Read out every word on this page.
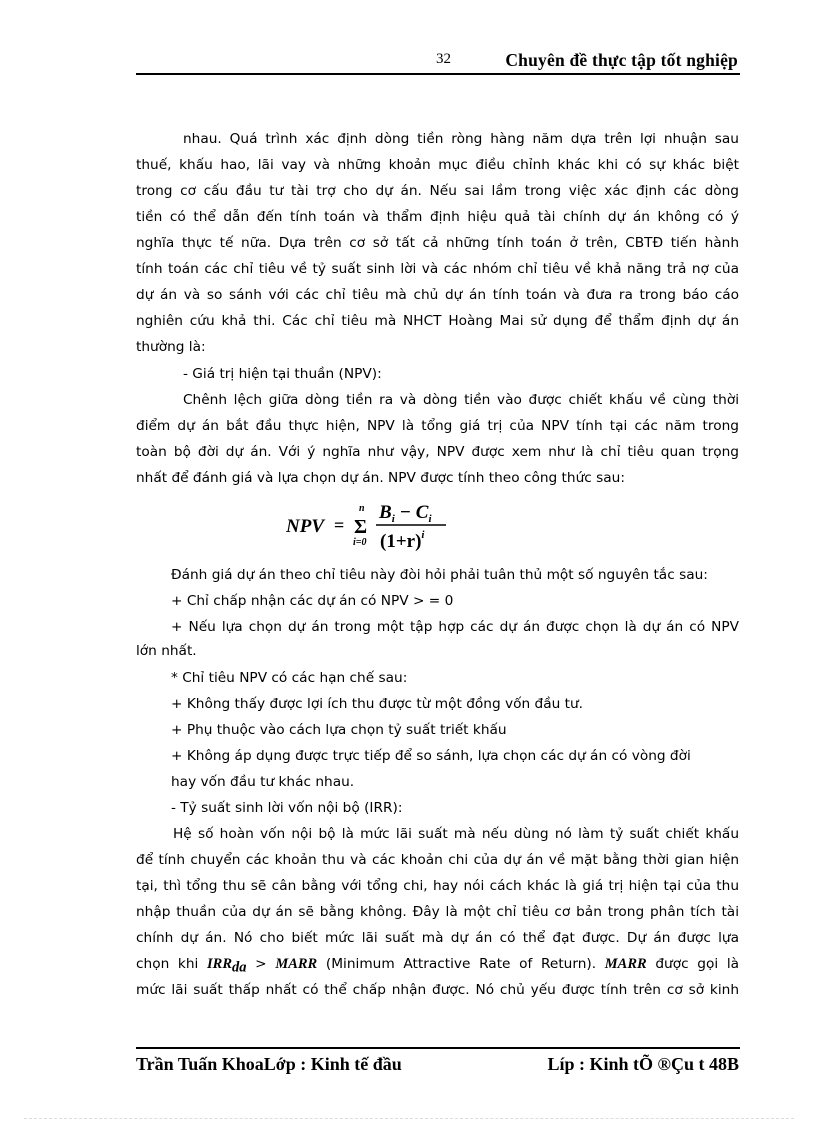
32	Chuyên đề thực tập tốt nghiệp
nhau. Quá trình xác định dòng tiền ròng hàng năm dựa trên lợi nhuận sau
thuế, khấu hao, lãi vay và những khoản mục điều chỉnh khác khi có sự khác biệt
trong cơ cấu đầu tư tài trợ cho dự án. Nếu sai lầm trong việc xác định các dòng
tiền có thể dẫn đến tính toán và thẩm định hiệu quả tài chính dự án không có ý
nghĩa thực tế nữa. Dựa trên cơ sở tất cả những tính toán ở trên, CBTĐ tiến hành
tính toán các chỉ tiêu về tỷ suất sinh lời và các nhóm chỉ tiêu về khả năng trả nợ của
dự án và so sánh với các chỉ tiêu mà chủ dự án tính toán và đưa ra trong báo cáo
nghiên cứu khả thi. Các chỉ tiêu mà NHCT Hoàng Mai sử dụng để thẩm định dự án
thường là:
- Giá trị hiện tại thuần (NPV):
Chênh lệch giữa dòng tiền ra và dòng tiền vào được chiết khấu về cùng thời
điểm dự án bắt đầu thực hiện, NPV là tổng giá trị của NPV tính tại các năm trong
toàn bộ đời dự án. Với ý nghĩa như vậy, NPV được xem như là chỉ tiêu quan trọng
nhất để đánh giá và lựa chọn dự án. NPV được tính theo công thức sau:
Đánh giá dự án theo chỉ tiêu này đòi hỏi phải tuân thủ một số nguyên tắc sau:
+ Chỉ chấp nhận các dự án có NPV > = 0
+ Nếu lựa chọn dự án trong một tập hợp các dự án được chọn là dự án có NPV
lớn nhất.
* Chỉ tiêu NPV có các hạn chế sau:
+ Không thấy được lợi ích thu được từ một đồng vốn đầu tư.
+ Phụ thuộc vào cách lựa chọn tỷ suất triết khấu
+ Không áp dụng được trực tiếp để so sánh, lựa chọn các dự án có vòng đời
hay vốn đầu tư khác nhau.
- Tỷ suất sinh lời vốn nội bộ (IRR):
Hệ số hoàn vốn nội bộ là mức lãi suất mà nếu dùng nó làm tỷ suất chiết khấu
để tính chuyển các khoản thu và các khoản chi của dự án về mặt bằng thời gian hiện
tại, thì tổng thu sẽ cân bằng với tổng chi, hay nói cách khác là giá trị hiện tại của thu
nhập thuần của dự án sẽ bằng không. Đây là một chỉ tiêu cơ bản trong phân tích tài
chính dự án. Nó cho biết mức lãi suất mà dự án có thể đạt được. Dự án được lựa
chọn khi $IRR_{da}$ > MARR (Minimum Attractive Rate of Return). MARR được gọi là
mức lãi suất thấp nhất có thể chấp nhận được. Nó chủ yếu được tính trên cơ sở kinh
NPV = Σ
n
i=0
$B_i - C_i$
$(1+r)^i$
Trần Tuấn KhoaLớp : Kinh tế đầu	Líp : Kinh tÕ ®Çu t 48B
